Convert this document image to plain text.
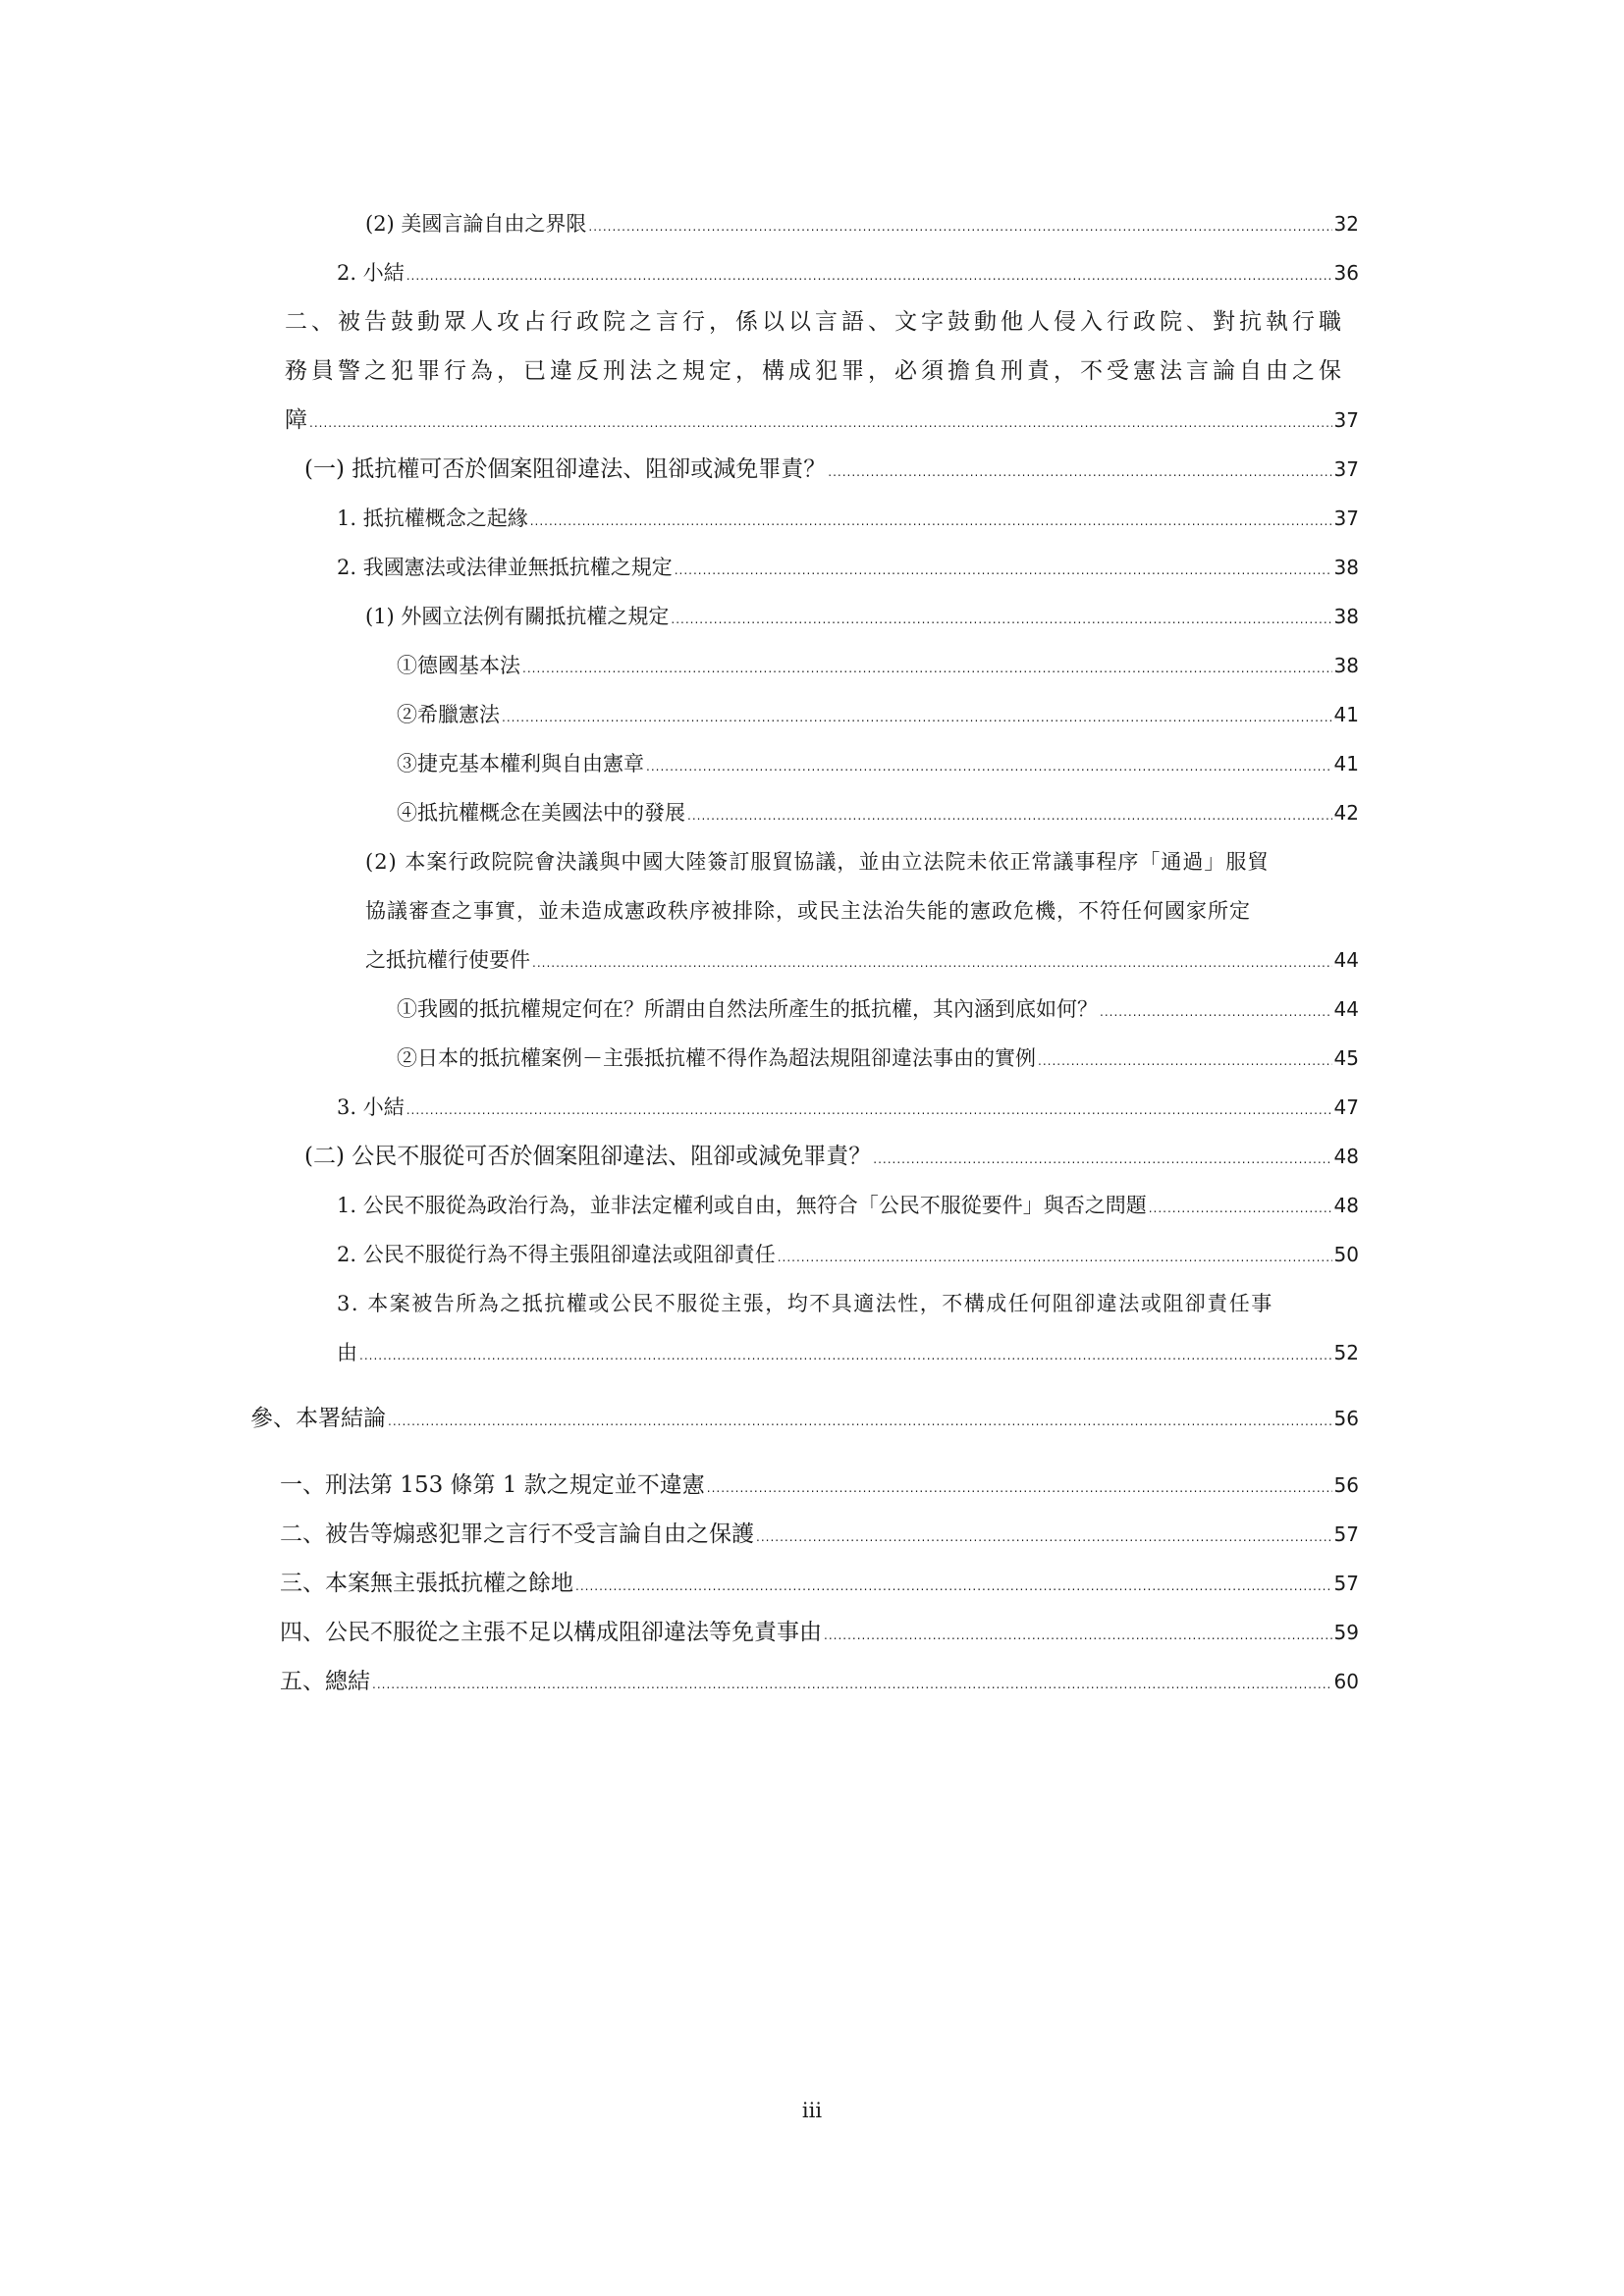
(2) 美國言論自由之界限 .....	32
2. 小結 .....	36
二、被告鼓動眾人攻占行政院之言行，係以以言語、文字鼓動他人侵入行政院、對抗執行職
務員警之犯罪行為，已違反刑法之規定，構成犯罪，必須擔負刑責，不受憲法言論自由之保
障 .....	37
(一) 抵抗權可否於個案阻卻違法、阻卻或減免罪責？ .....	37
1. 抵抗權概念之起緣 .....	37
2. 我國憲法或法律並無抵抗權之規定 .....	38
(1) 外國立法例有關抵抗權之規定 .....	38
①德國基本法 .....	38
②希臘憲法 .....	41
③捷克基本權利與自由憲章 .....	41
④抵抗權概念在美國法中的發展 .....	42
(2) 本案行政院院會決議與中國大陸簽訂服貿協議，並由立法院未依正常議事程序「通過」服貿
協議審查之事實，並未造成憲政秩序被排除，或民主法治失能的憲政危機，不符任何國家所定
之抵抗權行使要件 .....	44
①我國的抵抗權規定何在？所謂由自然法所產生的抵抗權，其內涵到底如何？ .....	44
②日本的抵抗權案例－主張抵抗權不得作為超法規阻卻違法事由的實例 .....	45
3. 小結 .....	47
(二) 公民不服從可否於個案阻卻違法、阻卻或減免罪責？ .....	48
1. 公民不服從為政治行為，並非法定權利或自由，無符合「公民不服從要件」與否之問題 .....	48
2. 公民不服從行為不得主張阻卻違法或阻卻責任 .....	50
3. 本案被告所為之抵抗權或公民不服從主張，均不具適法性，不構成任何阻卻違法或阻卻責任事
由 .....	52
參、本署結論 .....	56
一、刑法第 153 條第 1 款之規定並不違憲 .....	56
二、被告等煽惑犯罪之言行不受言論自由之保護 .....	57
三、本案無主張抵抗權之餘地 .....	57
四、公民不服從之主張不足以構成阻卻違法等免責事由 .....	59
五、總結 .....	60
iii
